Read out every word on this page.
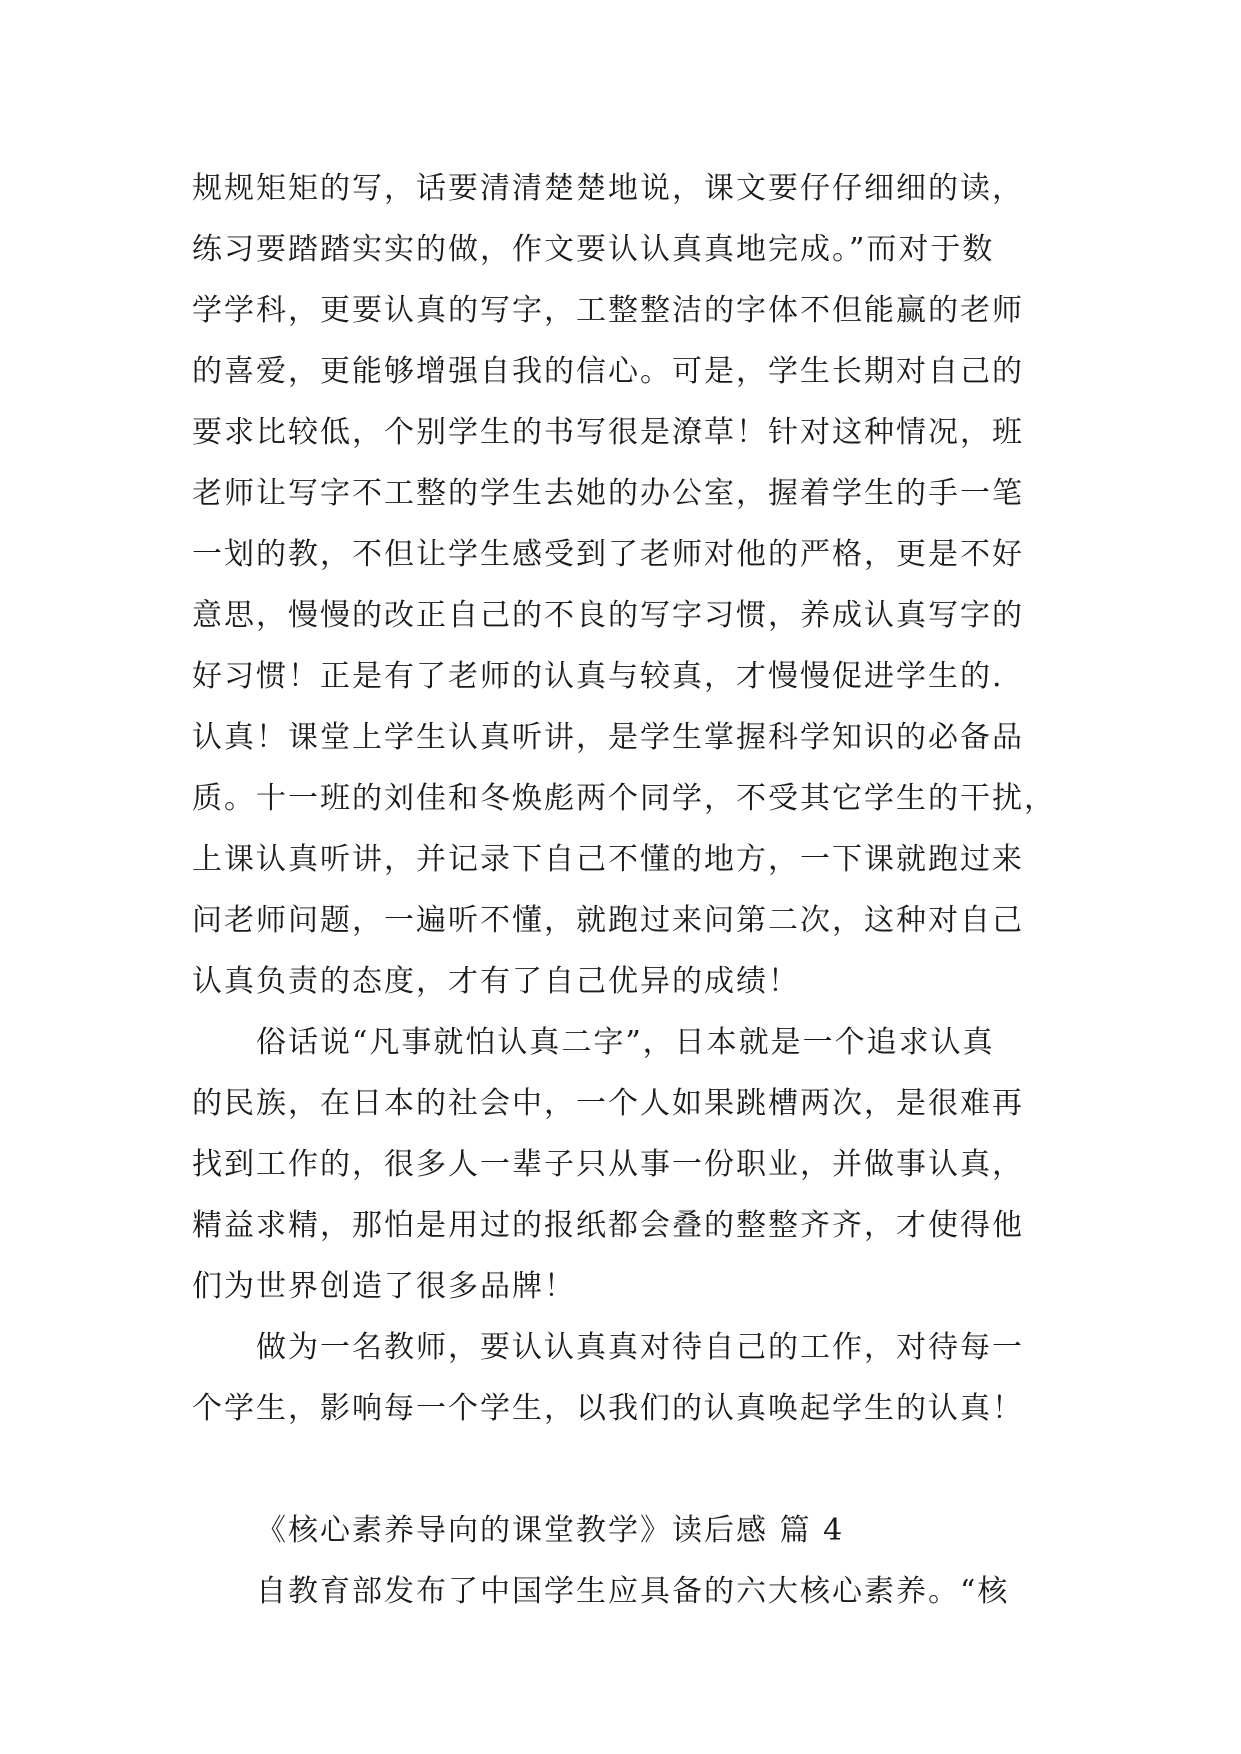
规规矩矩的写，话要清清楚楚地说，课文要仔仔细细的读，
练习要踏踏实实的做，作文要认认真真地完成。”而对于数
学学科，更要认真的写字，工整整洁的字体不但能赢的老师
的喜爱，更能够增强自我的信心。可是，学生长期对自己的
要求比较低，个别学生的书写很是潦草！针对这种情况，班
老师让写字不工整的学生去她的办公室，握着学生的手一笔
一划的教，不但让学生感受到了老师对他的严格，更是不好
意思，慢慢的改正自己的不良的写字习惯，养成认真写字的
好习惯！正是有了老师的认真与较真，才慢慢促进学生的.
认真！课堂上学生认真听讲，是学生掌握科学知识的必备品
质。十一班的刘佳和冬焕彪两个同学，不受其它学生的干扰，
上课认真听讲，并记录下自己不懂的地方，一下课就跑过来
问老师问题，一遍听不懂，就跑过来问第二次，这种对自己
认真负责的态度，才有了自己优异的成绩！
俗话说“凡事就怕认真二字”，日本就是一个追求认真
的民族，在日本的社会中，一个人如果跳槽两次，是很难再
找到工作的，很多人一辈子只从事一份职业，并做事认真，
精益求精，那怕是用过的报纸都会叠的整整齐齐，才使得他
们为世界创造了很多品牌！
做为一名教师，要认认真真对待自己的工作，对待每一
个学生，影响每一个学生，以我们的认真唤起学生的认真！
《核心素养导向的课堂教学》读后感 篇 4
自教育部发布了中国学生应具备的六大核心素养。“核
